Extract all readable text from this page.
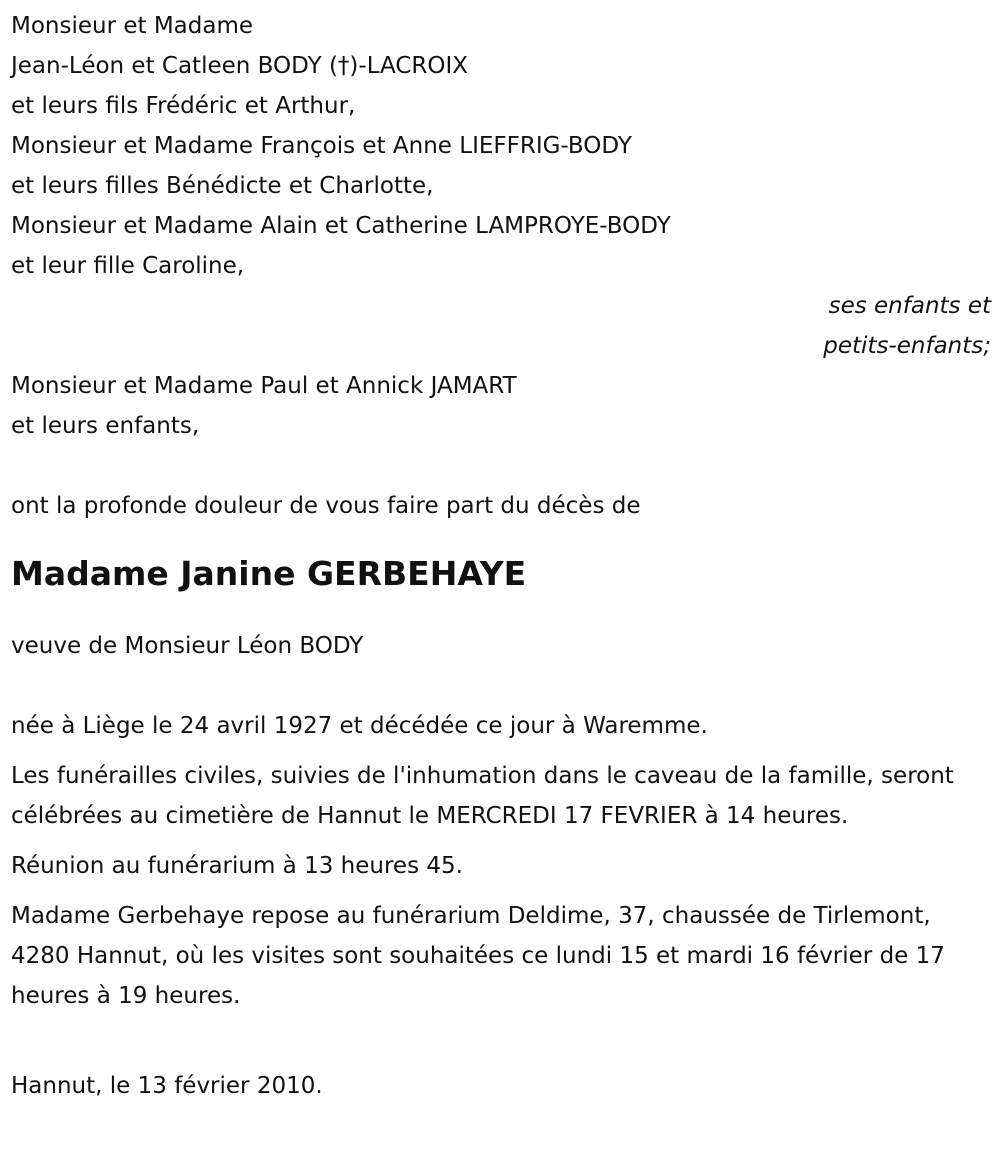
Monsieur et Madame
Jean-Léon et Catleen BODY (†)-LACROIX
et leurs fils Frédéric et Arthur,
Monsieur et Madame François et Anne LIEFFRIG-BODY
et leurs filles Bénédicte et Charlotte,
Monsieur et Madame Alain et Catherine LAMPROYE-BODY
et leur fille Caroline,
ses enfants et
petits-enfants;
Monsieur et Madame Paul et Annick JAMART
et leurs enfants,
ont la profonde douleur de vous faire part du décès de
Madame Janine GERBEHAYE
veuve de Monsieur Léon BODY
née à Liège le 24 avril 1927 et décédée ce jour à Waremme.
Les funérailles civiles, suivies de l'inhumation dans le caveau de la famille, seront célébrées au cimetière de Hannut le MERCREDI 17 FEVRIER à 14 heures.
Réunion au funérarium à 13 heures 45.
Madame Gerbehaye repose au funérarium Deldime, 37, chaussée de Tirlemont, 4280 Hannut, où les visites sont souhaitées ce lundi 15 et mardi 16 février de 17 heures à 19 heures.
Hannut, le 13 février 2010.
